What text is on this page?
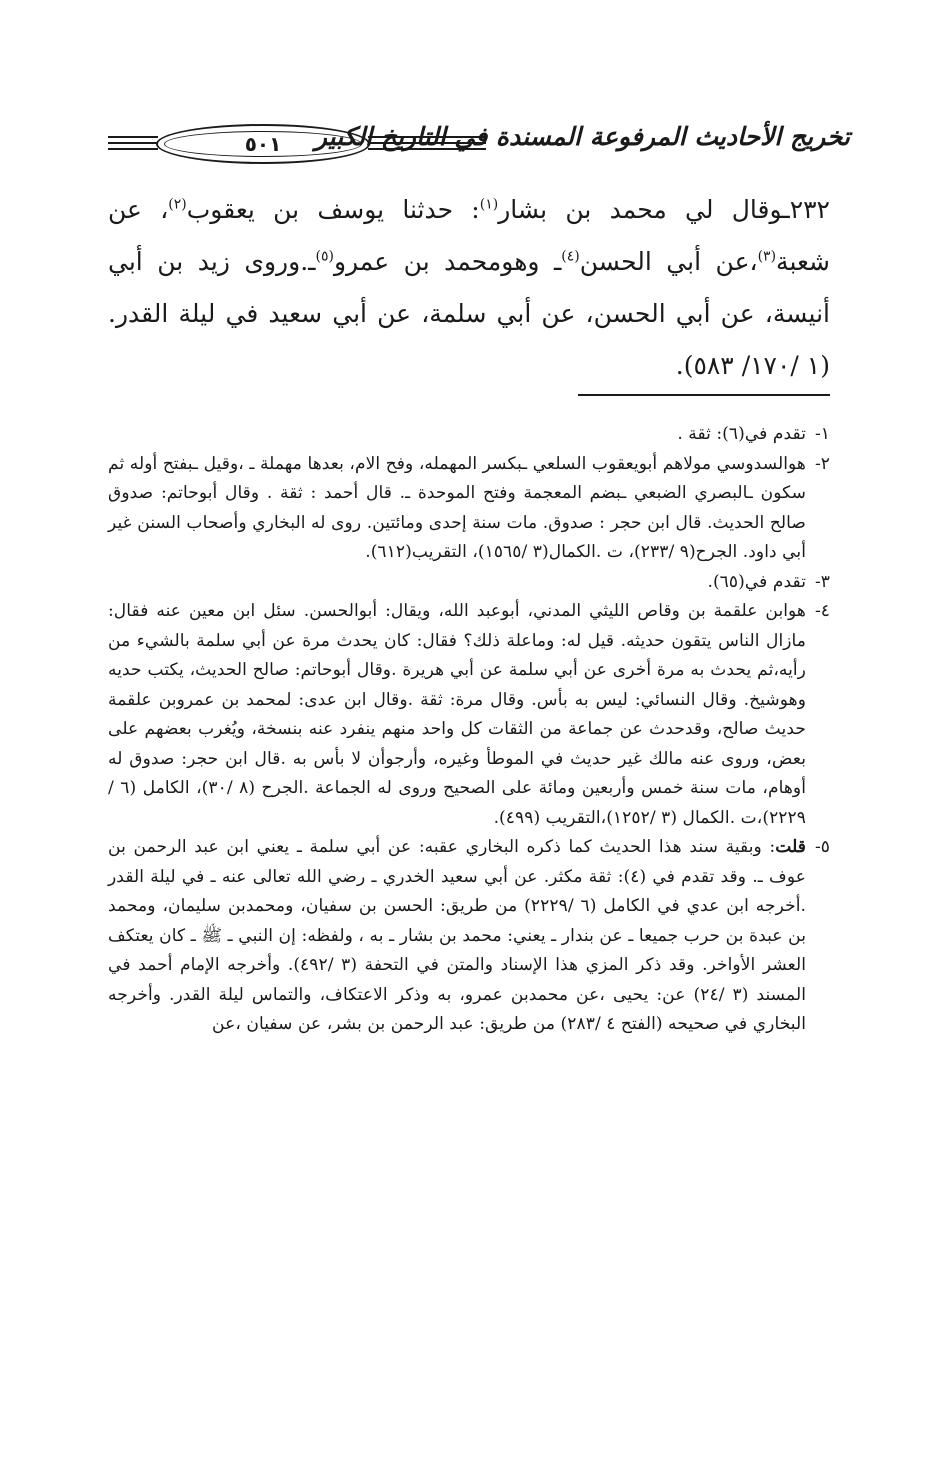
تخريج الأحاديث المرفوعة المسندة في التاريخ الكبير
٥٠١

٢٣٢ـوقال لي محمد بن بشار$^{(١)}$: حدثنا يوسف بن يعقوب$^{(٢)}$، عن شعبة$^{(٣)}$،عن أبي الحسن$^{(٤)}$ـ وهومحمد بن عمرو$^{(٥)}$ـ.وروى زيد بن أبي أنيسة، عن أبي الحسن، عن أبي سلمة، عن أبي سعيد في ليلة القدر. (١ /١٧٠/ ٥٨٣).

١-
تقدم في(٦): ثقة .

٢-
هوالسدوسي مولاهم أبويعقوب السلعي ـبكسر المهمله، وفح الام، بعدها مهملة ـ ،وقيل ـبفتح أوله ثم سكون ـالبصري الضبعي ـبضم المعجمة وفتح الموحدة ـ. قال أحمد : ثقة . وقال أبوحاتم: صدوق صالح الحديث. قال ابن حجر : صدوق. مات سنة إحدى ومائتين. روى له البخاري وأصحاب السنن غير أبي داود. الجرح(٩ /٢٣٣)، ت .الكمال(٣ /١٥٦٥)، التقريب(٦١٢).

٣-
تقدم في(٦٥).

٤-
هوابن علقمة بن وقاص الليثي المدني، أبوعبد الله، ويقال: أبوالحسن. سئل ابن معين عنه فقال: مازال الناس يتقون حديثه. قيل له: وماعلة ذلك؟ فقال: كان يحدث مرة عن أبي سلمة بالشيء من رأيه،ثم يحدث به مرة أخرى عن أبي سلمة عن أبي هريرة .وقال أبوحاتم: صالح الحديث، يكتب حديه وهوشيخ. وقال النسائي: ليس به بأس. وقال مرة: ثقة .وقال ابن عدى: لمحمد بن عمروبن علقمة حديث صالح، وقدحدث عن جماعة من الثقات كل واحد منهم ينفرد عنه بنسخة، ويُغرب بعضهم على بعض، وروى عنه مالك غير حديث في الموطأ وغيره، وأرجوأن لا بأس به .قال ابن حجر: صدوق له أوهام، مات سنة خمس وأربعين ومائة على الصحيح وروى له الجماعة .الجرح (٨ /٣٠)، الكامل (٦ /٢٢٢٩)،ت .الكمال (٣ /١٢٥٢)،التقريب (٤٩٩).

٥-
قلت: وبقية سند هذا الحديث كما ذكره البخاري عقبه: عن أبي سلمة ـ يعني ابن عبد الرحمن بن عوف ـ. وقد تقدم في (٤): ثقة مكثر. عن أبي سعيد الخدري ـ رضي الله تعالى عنه ـ في ليلة القدر .أخرجه ابن عدي في الكامل (٦ /٢٢٢٩) من طريق: الحسن بن سفيان، ومحمدبن سليمان، ومحمد بن عبدة بن حرب جميعا ـ عن بندار ـ يعني: محمد بن بشار ـ به ، ولفظه: إن النبي ـ ﷺ ـ كان يعتكف العشر الأواخر. وقد ذكر المزي هذا الإسناد والمتن في التحفة (٣ /٤٩٢). وأخرجه الإمام أحمد في المسند (٣ /٢٤) عن: يحيى ،عن محمدبن عمرو، به وذكر الاعتكاف، والتماس ليلة القدر. وأخرجه البخاري في صحيحه (الفتح ٤ /٢٨٣) من طريق: عبد الرحمن بن بشر، عن سفيان ،عن
